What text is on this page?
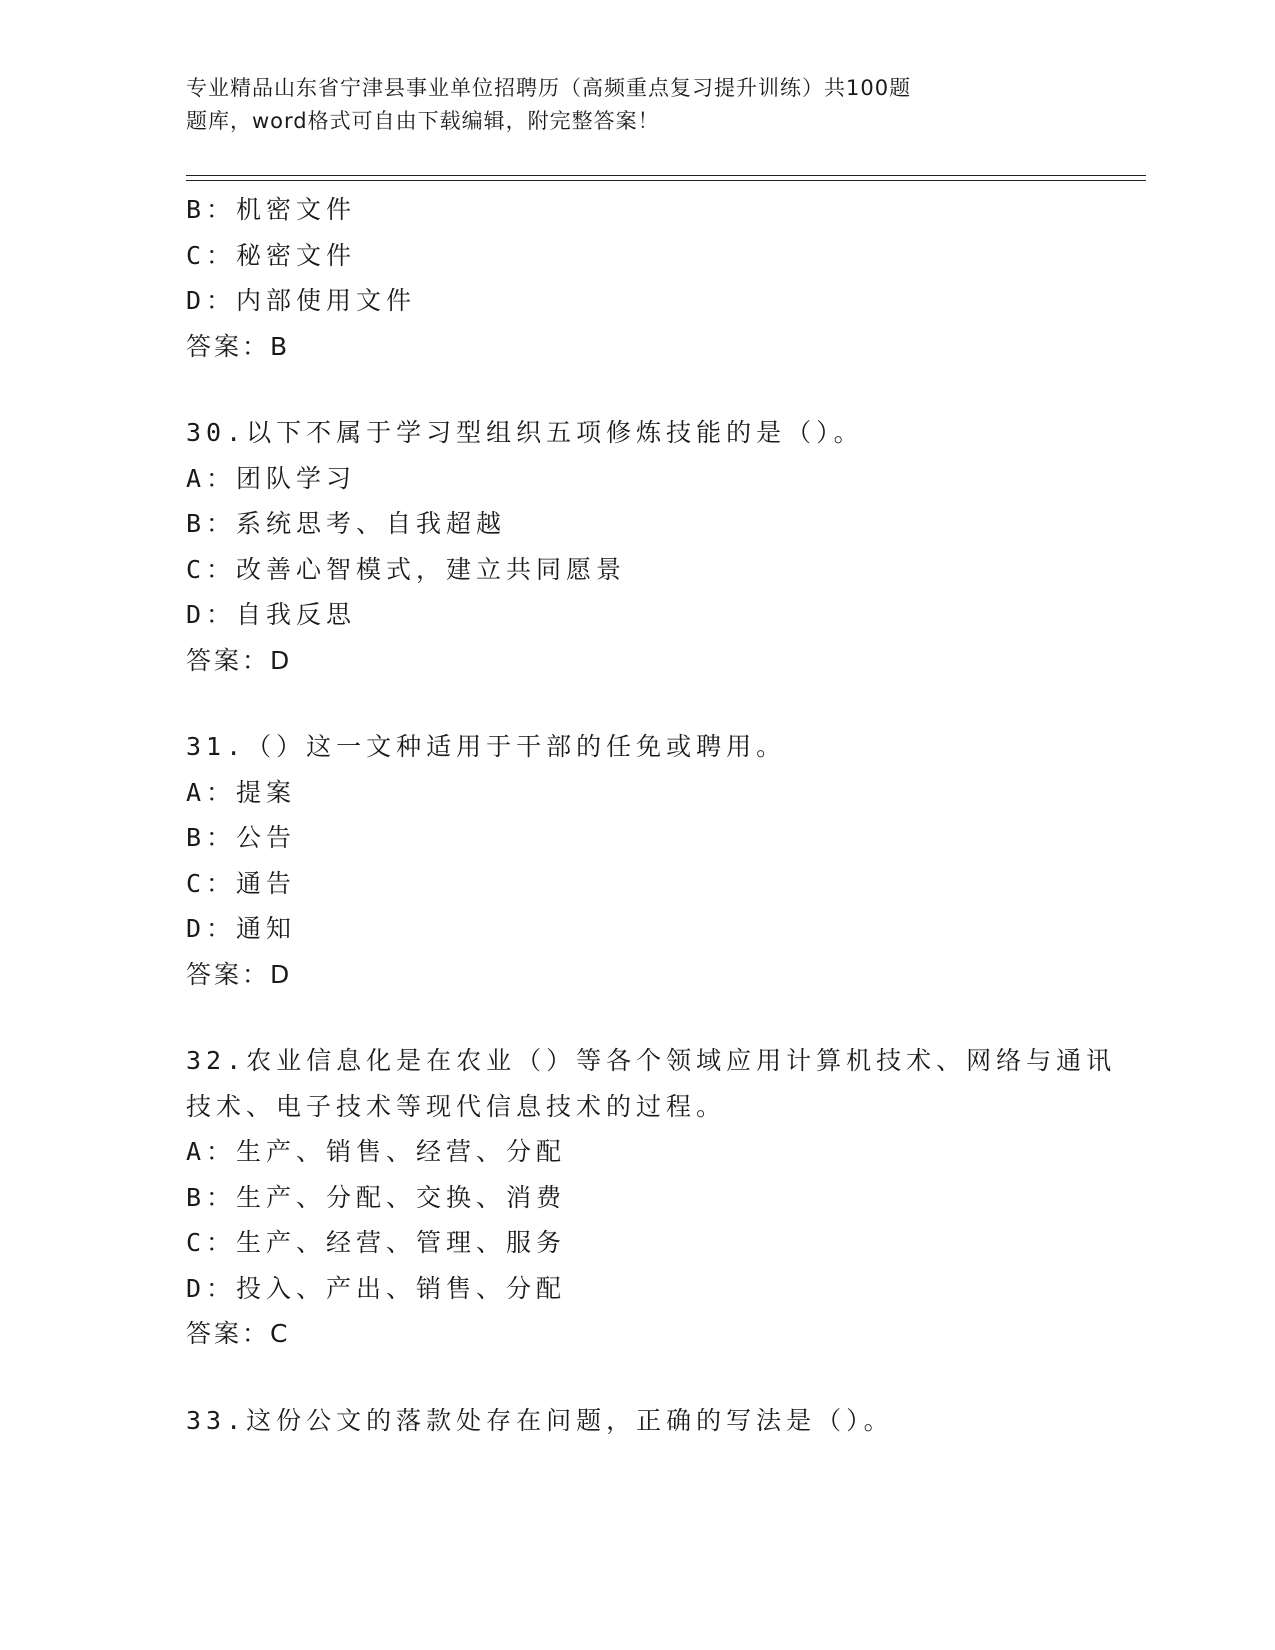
专业精品山东省宁津县事业单位招聘历（高频重点复习提升训练）共100题
题库，word格式可自由下载编辑，附完整答案！
B：机密文件
C：秘密文件
D：内部使用文件
答案：B
30.以下不属于学习型组织五项修炼技能的是（）。
A：团队学习
B：系统思考、自我超越
C：改善心智模式，建立共同愿景
D：自我反思
答案：D
31.（）这一文种适用于干部的任免或聘用。
A：提案
B：公告
C：通告
D：通知
答案：D
32.农业信息化是在农业（）等各个领域应用计算机技术、网络与通讯
技术、电子技术等现代信息技术的过程。
A：生产、销售、经营、分配
B：生产、分配、交换、消费
C：生产、经营、管理、服务
D：投入、产出、销售、分配
答案：C
33.这份公文的落款处存在问题，正确的写法是（）。
